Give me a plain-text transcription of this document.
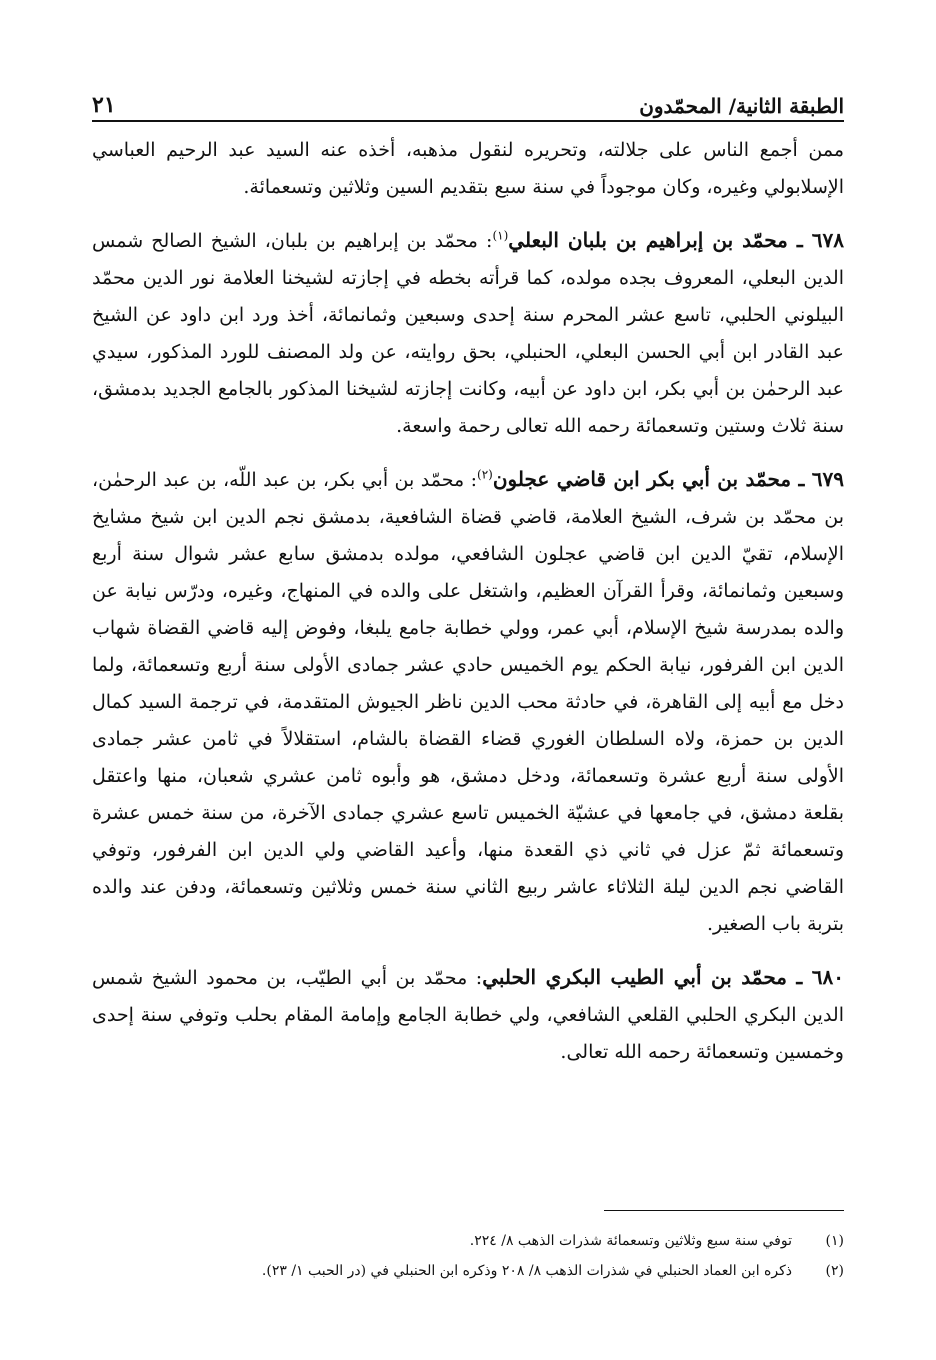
الطبقة الثانية/ المحمّدون
٢١

ممن أجمع الناس على جلالته، وتحريره لنقول مذهبه، أخذه عنه السيد عبد الرحيم العباسي الإسلابولي وغيره، وكان موجوداً في سنة سبع بتقديم السين وثلاثين وتسعمائة.

٦٧٨ ـ محمّد بن إبراهيم بن بلبان البعلي$^{(١)}$: محمّد بن إبراهيم بن بلبان، الشيخ الصالح شمس الدين البعلي، المعروف بجده مولده، كما قرأته بخطه في إجازته لشيخنا العلامة نور الدين محمّد البيلوني الحلبي، تاسع عشر المحرم سنة إحدى وسبعين وثمانمائة، أخذ ورد ابن داود عن الشيخ عبد القادر ابن أبي الحسن البعلي، الحنبلي، بحق روايته، عن ولد المصنف للورد المذكور، سيدي عبد الرحمٰن بن أبي بكر، ابن داود عن أبيه، وكانت إجازته لشيخنا المذكور بالجامع الجديد بدمشق، سنة ثلاث وستين وتسعمائة رحمه الله تعالى رحمة واسعة.

٦٧٩ ـ محمّد بن أبي بكر ابن قاضي عجلون$^{(٢)}$: محمّد بن أبي بكر، بن عبد اللّه، بن عبد الرحمٰن، بن محمّد بن شرف، الشيخ العلامة، قاضي قضاة الشافعية، بدمشق نجم الدين ابن شيخ مشايخ الإسلام، تقيّ الدين ابن قاضي عجلون الشافعي، مولده بدمشق سابع عشر شوال سنة أربع وسبعين وثمانمائة، وقرأ القرآن العظيم، واشتغل على والده في المنهاج، وغيره، ودرّس نيابة عن والده بمدرسة شيخ الإسلام، أبي عمر، وولي خطابة جامع يلبغا، وفوض إليه قاضي القضاة شهاب الدين ابن الفرفور، نيابة الحكم يوم الخميس حادي عشر جمادى الأولى سنة أربع وتسعمائة، ولما دخل مع أبيه إلى القاهرة، في حادثة محب الدين ناظر الجيوش المتقدمة، في ترجمة السيد كمال الدين بن حمزة، ولاه السلطان الغوري قضاء القضاة بالشام، استقلالاً في ثامن عشر جمادى الأولى سنة أربع عشرة وتسعمائة، ودخل دمشق، هو وأبوه ثامن عشري شعبان، منها واعتقل بقلعة دمشق، في جامعها في عشيّة الخميس تاسع عشري جمادى الآخرة، من سنة خمس عشرة وتسعمائة ثمّ عزل في ثاني ذي القعدة منها، وأعيد القاضي ولي الدين ابن الفرفور، وتوفي القاضي نجم الدين ليلة الثلاثاء عاشر ربيع الثاني سنة خمس وثلاثين وتسعمائة، ودفن عند والده بتربة باب الصغير.

٦٨٠ ـ محمّد بن أبي الطيب البكري الحلبي: محمّد بن أبي الطيّب، بن محمود الشيخ شمس الدين البكري الحلبي القلعي الشافعي، ولي خطابة الجامع وإمامة المقام بحلب وتوفي سنة إحدى وخمسين وتسعمائة رحمه الله تعالى.

(١)
توفي سنة سبع وثلاثين وتسعمائة شذرات الذهب ٨/ ٢٢٤.

(٢)
ذكره ابن العماد الحنبلي في شذرات الذهب ٨/ ٢٠٨ وذكره ابن الحنبلي في (در الحبب ١/ ٢٣).
